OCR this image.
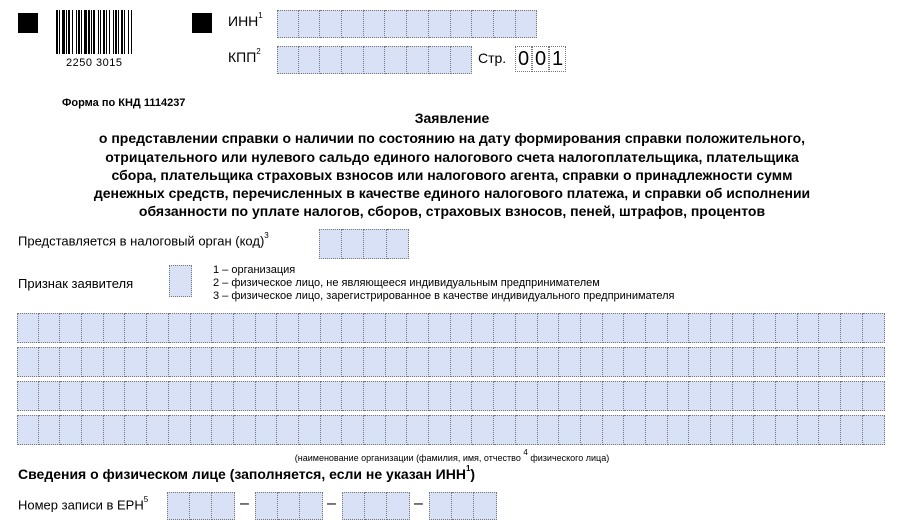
2250 3015
ИНН$^1$
КПП$^2$	Стр. 0 0 1
Форма по КНД 1114237
Заявление
о представлении справки о наличии по состоянию на дату формирования справки положительного,
отрицательного или нулевого сальдо единого налогового счета налогоплательщика, плательщика
сбора, плательщика страховых взносов или налогового агента, справки о принадлежности сумм
денежных средств, перечисленных в качестве единого налогового платежа, и справки об исполнении
обязанности по уплате налогов, сборов, страховых взносов, пеней, штрафов, процентов
Представляется в налоговый орган (код)$^3$
Признак заявителя
1 – организация
2 – физическое лицо, не являющееся индивидуальным предпринимателем
3 – физическое лицо, зарегистрированное в качестве индивидуального предпринимателя
(наименование организации (фамилия, имя, отчество 4 физического лица)
Сведения о физическом лице (заполняется, если не указан ИНН$^1$)
Номер записи в ЕРН$^5$	–	–	–
